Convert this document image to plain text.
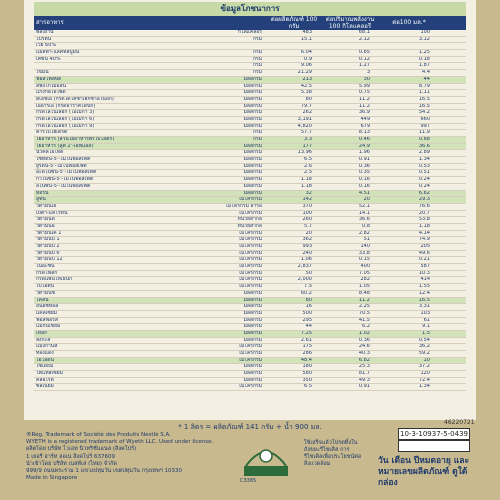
ข้อมูลโภชนาการ
สารอาหาร	ต่อผลิตภัณฑ์ 100 กรัม
ต่อปริมาณพลังงาน 100 กิโลแคลอรี
ต่อ100 มล.*
พลังงาน	กิโลแคลอรี	483	68.1	100
โปรตีน	กรัม	15.1	2.12	3.12
เวย์ 60%
แอลฟา-แล็คทัลบูมิน	กรัม	6.04	0.85	1.25
เคซีน 40%	กรัม	0.9	0.12	0.18
กรัม	9.06	1.27	1.87
ไขมัน	กรัม	21.29	3	4.4
ฟอสโฟลิปิด	มิลลิกรัม	213	30	44
สฟิงโกไมอีลิน	มิลลิกรัม	42.5	5.99	8.79
แกงกลิโอไซด์	มิลลิกรัม	5.38	0.75	1.11
ดีเอชเอ (กรดโดโคซาเฮกซาอีโนอิก)	มิลลิกรัม	80	11.2	16.5
เออาร์เอ (กรดอาราคิโดนิก)	มิลลิกรัม	79.7	11.2	16.5
กรดไลโนเลอิก (โอเมก้า 3)	มิลลิกรัม	262	36.9	54.2
กรดไลโนเลอิก (โอเมก้า 6)	มิลลิกรัม	3,191	449	660
กรดไลโนเลอิก (โอเมก้า 9)	มิลลิกรัม	4,820	679	997
คาร์โบไฮเดรต	กรัม	57.7	8.13	11.9
ใยอาหาร (ส่วนใยอาหารพรีไบโอติก)	กรัม	3.3	0.46	0.68
ใยอาหาร (ลูต 2'-เอฟแอล)	มิลลิกรัม	177	24.9	36.6
นิวคลีโอไทด์	มิลลิกรัม	13.96	1.96	2.89
ไซทิดีน-5'-โมโนฟอสเฟต	มิลลิกรัม	6.5	0.91	1.34
ยูริดีน-5'-โมโนฟอสเฟต	มิลลิกรัม	2.6	0.36	0.53
อะดีโนซีน-5'-โมโนฟอสเฟต	มิลลิกรัม	2.5	0.35	0.51
กัวโนซีน-5'-โมโนฟอสเฟต	มิลลิกรัม	1.18	0.16	0.24
อิโนซีน-5'-โมโนฟอสเฟต	มิลลิกรัม	1.18	0.16	0.24
ทอรีน	มิลลิกรัม	32	4.51	6.62
ลูทีน	ไมโครกรัม	142	20	29.3
วิตามินเอ	ไมโครกรัม อาร์อี	370	52.1	76.6
เบต้า-แคโรทีน	ไมโครกรัม	100	14.1	20.7
วิตามินดี	หน่วยสากล	260	36.6	53.8
วิตามินอี	หน่วยสากล	5.7	0.8	1.18
วิตามินเค 1	ไมโครกรัม	20	2.82	4.14
วิตามินบี 1	ไมโครกรัม	362	51	74.9
วิตามินบี 2	ไมโครกรัม	993	140	205
วิตามินบี 6	ไมโครกรัม	240	33.8	49.6
วิตามินบี 12	ไมโครกรัม	1.06	0.15	0.21
ไนอะซิน	ไมโครกรัม	2,837	400	587
กรดโฟลิก	ไมโครกรัม	50	7.05	10.3
กรดแพนโทเธนิก	ไมโครกรัม	2,000	282	414
ไบโอติน	ไมโครกรัม	7.5	1.05	1.55
วิตามินซี	มิลลิกรัม	60.2	8.48	12.4
โคลีน	มิลลิกรัม	80	11.2	16.5
อินอซิทอล	มิลลิกรัม	16	2.25	3.31
แคลเซียม	มิลลิกรัม	500	70.5	103
ฟอสฟอรัส	มิลลิกรัม	295	41.5	61
แมกนีเซียม	มิลลิกรัม	44	6.2	9.1
เหล็ก	มิลลิกรัม	7.25	1.02	1.5
สังกะสี	มิลลิกรัม	2.61	0.36	0.54
แมงกานีส	ไมโครกรัม	175	24.6	36.2
ทองแดง	ไมโครกรัม	286	40.3	59.2
ไอโอดีน	ไมโครกรัม	48.4	6.82	10
โซเดียม	มิลลิกรัม	180	25.3	37.2
โพแทสเซียม	มิลลิกรัม	580	81.7	120
คลอไรด์	มิลลิกรัม	350	49.3	72.4
ซีลีเนียม	ไมโครกรัม	6.5	0.91	1.34
* 1 ลิตร = ผลิตภัณฑ์ 141 กรัม + น้ำ 900 มล.
®Reg. Trademark of Société des Produits Nestlé S.A.
WYETH is a registered trademark of Wyeth LLC. Used under license.
ผลิตโดย บริษัท ไวเอท นิวทริชั่นแนล (สิงคโปร์)
1 เยอรี ฮาร์ท ลอเน่ สิงคโปร์ 637609
นำเข้าโดย บริษัท เนสท์เล่ (ไทย) จำกัด
999/9 ถนนพระราม 1 แขวงปทุมวัน เขตปทุมวัน กรุงเทพฯ 10330
Made in Singapore	C3385
ใช้เสร็จแล้วโปรดทิ้งในถังขยะรีไซเคิล การรีไซเคิลเพื่อประโยชน์ต่อสิ่งแวดล้อม
46220721
10-3-10937-5-0439
วัน เดือน ปีหมดอายุ และหมายเลขผลิตภัณฑ์ ดูใต้กล่อง
